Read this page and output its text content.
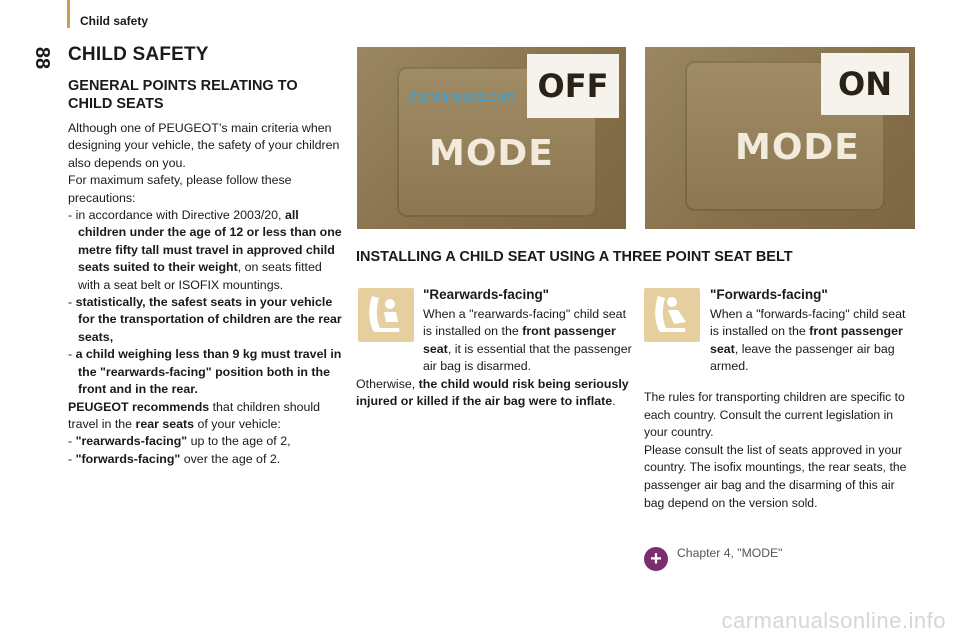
Child safety
88 CHILD SAFETY
GENERAL POINTS RELATING TO CHILD SEATS

Although one of PEUGEOT’s main criteria when designing your vehicle, the safety of your children also depends on you.

For maximum safety, please follow these precautions:

- in accordance with Directive 2003/20, all children under the age of 12 or less than one metre fifty tall must travel in approved child seats suited to their weight, on seats fitted with a seat belt or ISOFIX mountings.

- statistically, the safest seats in your vehicle for the transportation of children are the rear seats,

- a child weighing less than 9 kg must travel in the "rearwards-facing" position both in the front and in the rear.

PEUGEOT recommends that children should travel in the rear seats of your vehicle:

- "rearwards-facing" up to the age of 2,

- "forwards-facing" over the age of 2.

OFF
MODE
CarManuals2.com	ON
MODE
INSTALLING A CHILD SEAT USING A THREE POINT SEAT BELT
"Rearwards-facing"

When a "rearwards-facing" child seat is installed on the front passenger seat, it is essential that the passenger air bag is disarmed.

Otherwise, the child would risk being seriously injured or killed if the air bag were to inflate.

"Forwards-facing"

When a "forwards-facing" child seat is installed on the front passenger seat, leave the passenger air bag armed.

The rules for transporting children are specific to each country. Consult the current legislation in your country.
Please consult the list of seats approved in your country. The isofix mountings, the rear seats, the passenger air bag and the disarming of this air bag depend on the version sold.
+	Chapter 4, "MODE"
carmanualsonline.info
